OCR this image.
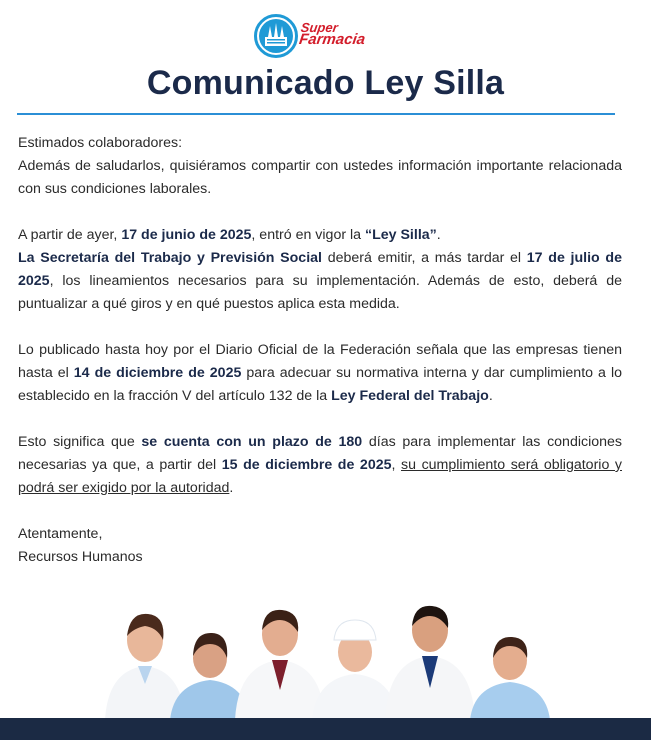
Super
Farmacia
Comunicado Ley Silla

Estimados colaboradores:

Además de saludarlos, quisiéramos compartir con ustedes información importante relacionada con sus condiciones laborales.

A partir de ayer, 17 de junio de 2025, entró en vigor la “Ley Silla”.
La Secretaría del Trabajo y Previsión Social deberá emitir, a más tardar el 17 de julio de 2025, los lineamientos necesarios para su implementación. Además de esto, deberá de puntualizar a qué giros y en qué puestos aplica esta medida.

Lo publicado hasta hoy por el Diario Oficial de la Federación señala que las empresas tienen hasta el 14 de diciembre de 2025 para adecuar su normativa interna y dar cumplimiento a lo establecido en la fracción V del artículo 132 de la Ley Federal del Trabajo.

Esto significa que se cuenta con un plazo de 180 días para implementar las condiciones necesarias ya que, a partir del 15 de diciembre de 2025, su cumplimiento será obligatorio y podrá ser exigido por la autoridad.

Atentamente,
Recursos Humanos
